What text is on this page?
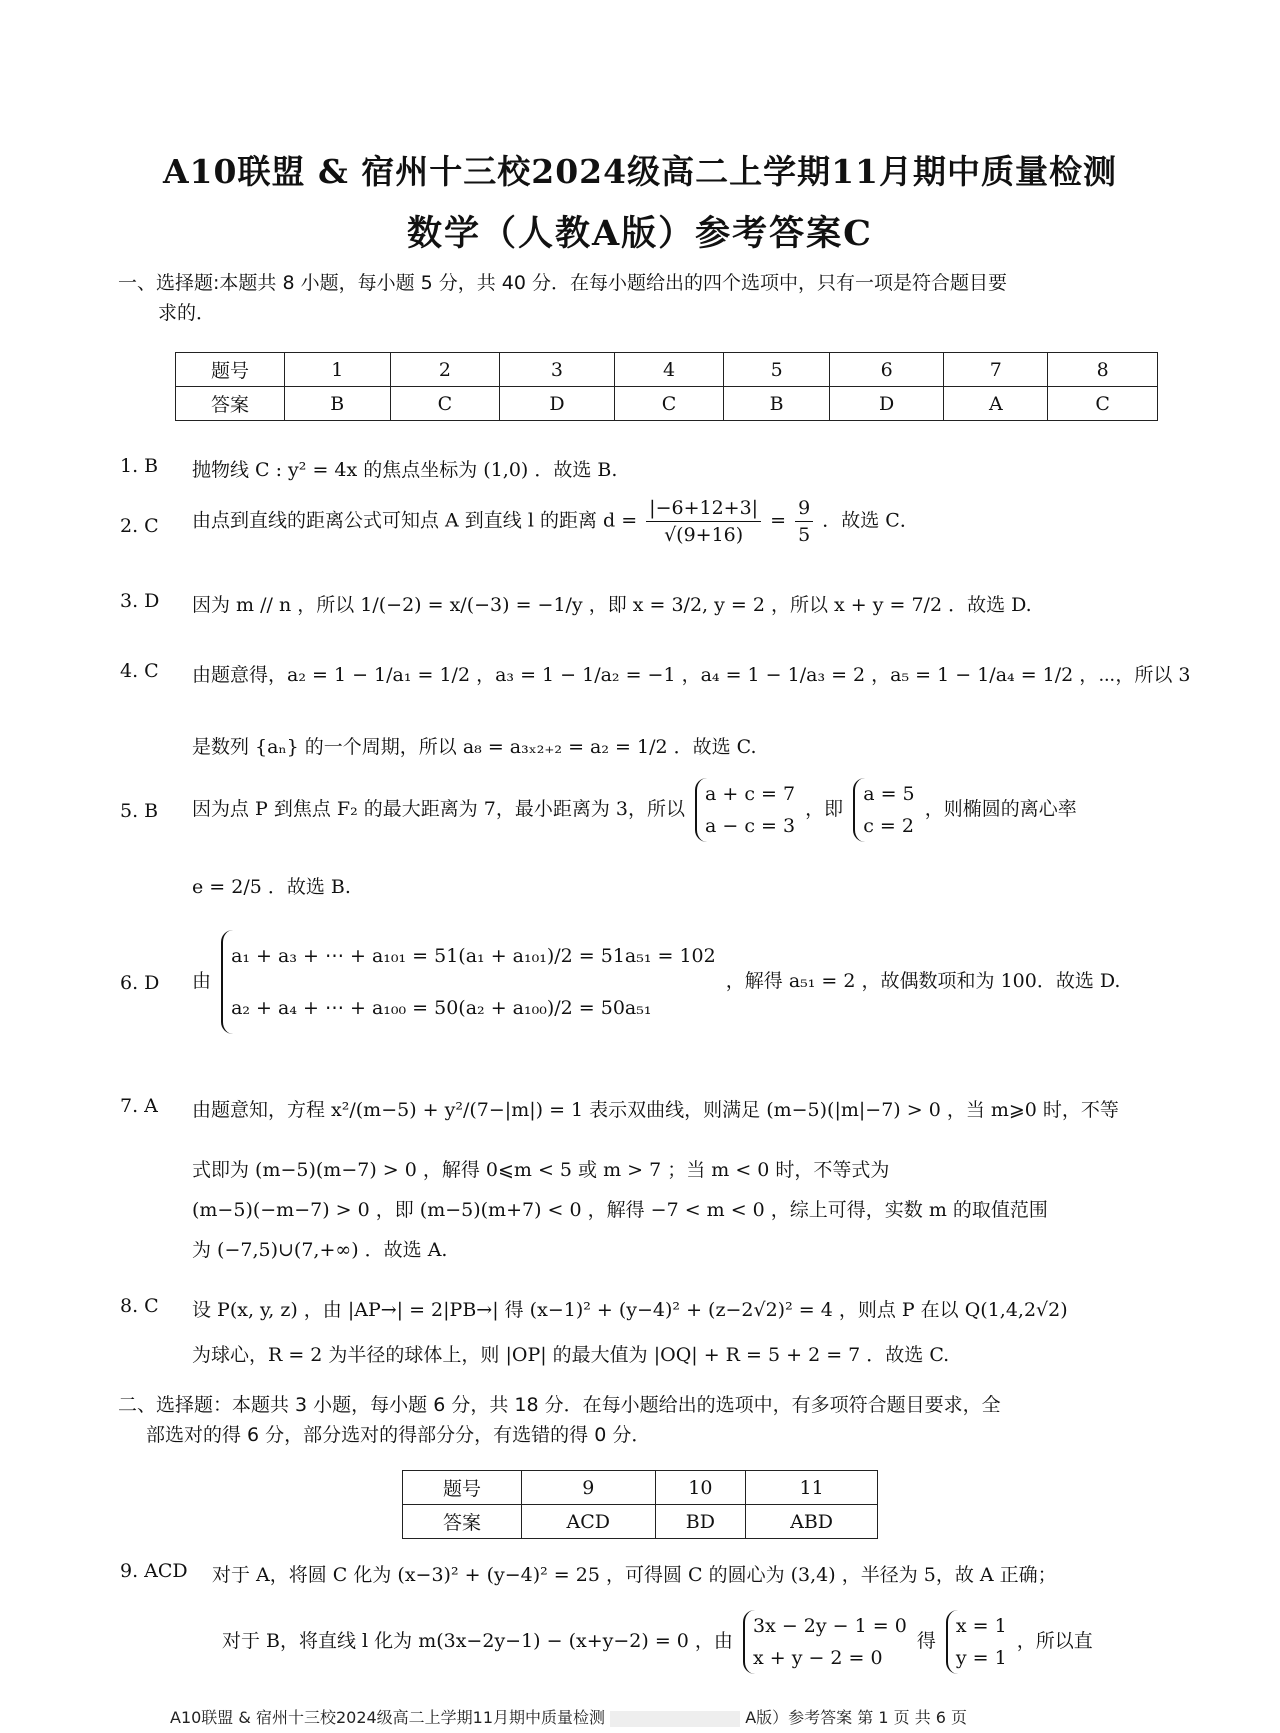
A10联盟 & 宿州十三校2024级高二上学期11月期中质量检测
数学（人教A版）参考答案C
一、选择题:本题共 8 小题，每小题 5 分，共 40 分．在每小题给出的四个选项中，只有一项是符合题目要
求的．
题号	1	2	3	4	5	6	7	8
答案	B	C	D	C	B	D	A	C
1. B	抛物线 C : y² = 4x 的焦点坐标为 (1,0) ．故选 B.
2. C	由点到直线的距离公式可知点 A 到直线 l 的距离 $d = \frac{|-6+12+3|}{√(9+16)} = \frac{9}{5}$ ．故选 C．
3. D	因为 m // n ，所以 1/(−2) = x/(−3) = −1/y ，即 x = 3/2, y = 2 ，所以 x + y = 7/2 ．故选 D.
4. C	由题意得，a₂ = 1 − 1/a₁ = 1/2 ，a₃ = 1 − 1/a₂ = −1 ，a₄ = 1 − 1/a₃ = 2 ，a₅ = 1 − 1/a₄ = 1/2 ，⋯，所以 3
是数列 {aₙ} 的一个周期，所以 a₈ = a₃ₓ₂₊₂ = a₂ = 1/2 ．故选 C.
5. B	因为点 P 到焦点 F₂ 的最大距离为 7，最小距离为 3，所以
a + c = 7
a − c = 3
，即
a = 5
c = 2
，则椭圆的离心率
e = 2/5 ．故选 B.
6. D	由
a₁ + a₃ + ⋯ + a₁₀₁ = 51(a₁ + a₁₀₁)/2 = 51a₅₁ = 102
a₂ + a₄ + ⋯ + a₁₀₀ = 50(a₂ + a₁₀₀)/2 = 50a₅₁
，解得 a₅₁ = 2 ，故偶数项和为 100．故选 D.
7. A	由题意知，方程 x²/(m−5) + y²/(7−|m|) = 1 表示双曲线，则满足 (m−5)(|m|−7) > 0 ，当 m⩾0 时，不等
式即为 (m−5)(m−7) > 0 ，解得 0⩽m < 5 或 m > 7 ；当 m < 0 时，不等式为
(m−5)(−m−7) > 0 ，即 (m−5)(m+7) < 0 ，解得 −7 < m < 0 ，综上可得，实数 m 的取值范围
为 (−7,5)∪(7,+∞) ．故选 A.
8. C	设 P(x, y, z) ，由 |AP→| = 2|PB→| 得 (x−1)² + (y−4)² + (z−2√2)² = 4 ，则点 P 在以 Q(1,4,2√2)
为球心，R = 2 为半径的球体上，则 |OP| 的最大值为 |OQ| + R = 5 + 2 = 7 ．故选 C.
二、选择题：本题共 3 小题，每小题 6 分，共 18 分．在每小题给出的选项中，有多项符合题目要求，全
部选对的得 6 分，部分选对的得部分分，有选错的得 0 分．
题号	9	10	11
答案	ACD	BD	ABD
9. ACD	对于 A，将圆 C 化为 (x−3)² + (y−4)² = 25 ，可得圆 C 的圆心为 (3,4) ，半径为 5，故 A 正确；
对于 B，将直线 l 化为 m(3x−2y−1) − (x+y−2) = 0 ，由
3x − 2y − 1 = 0
x + y − 2 = 0
得
x = 1
y = 1
，所以直
A10联盟 & 宿州十三校2024级高二上学期11月期中质量检测	A版）参考答案 第 1 页 共 6 页
